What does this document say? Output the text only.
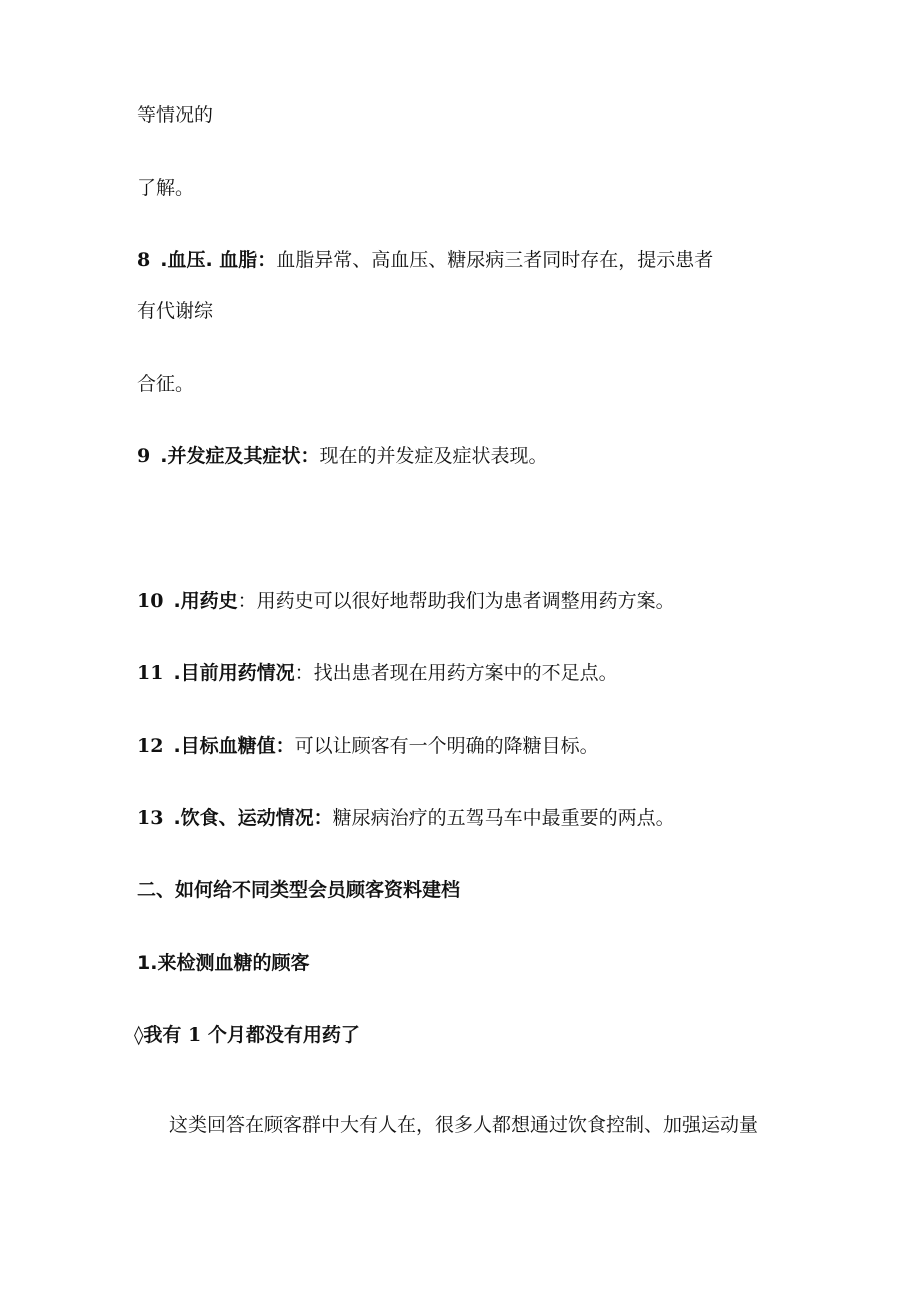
等情况的
了解。
8 .血压. 血脂：血脂异常、高血压、糖尿病三者同时存在，提示患者
有代谢综
合征。
9 .并发症及其症状：现在的并发症及症状表现。
10 .用药史：用药史可以很好地帮助我们为患者调整用药方案。
11 .目前用药情况：找出患者现在用药方案中的不足点。
12 .目标血糖值：可以让顾客有一个明确的降糖目标。
13 .饮食、运动情况：糖尿病治疗的五驾马车中最重要的两点。
二、如何给不同类型会员顾客资料建档
1.来检测血糖的顾客
◊我有 1 个月都没有用药了
这类回答在顾客群中大有人在，很多人都想通过饮食控制、加强运动量
